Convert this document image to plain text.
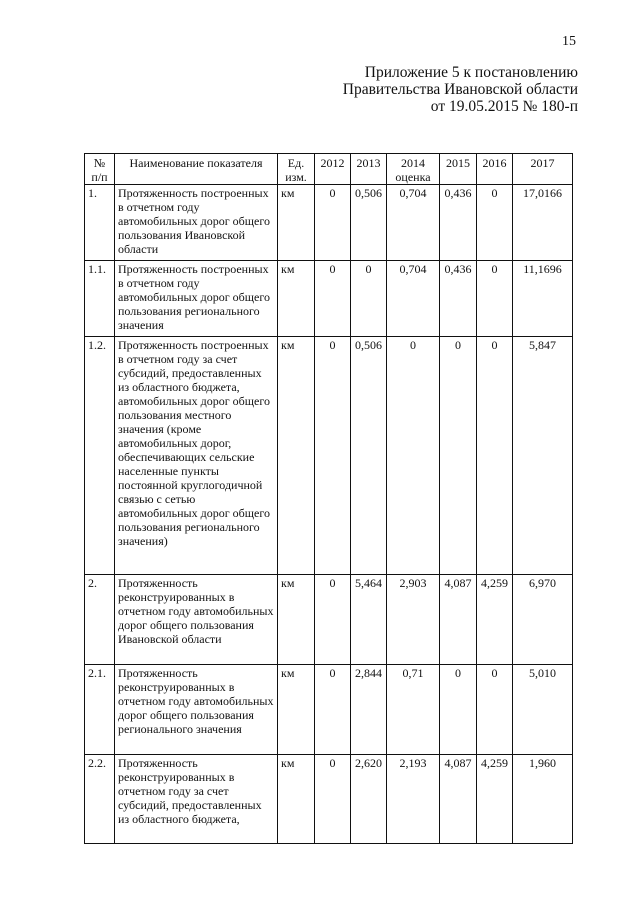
15
Приложение 5 к постановлению
Правительства Ивановской области
от 19.05.2015 № 180-п
№ п/п	Наименование показателя	Ед. изм.	2012	2013	2014 оценка	2015	2016	2017
1.	Протяженность построенных в отчетном году автомобильных дорог общего пользования Ивановской области	км	0	0,506	0,704	0,436	0	17,0166
1.1.	Протяженность построенных в отчетном году автомобильных дорог общего пользования регионального значения	км	0	0	0,704	0,436	0	11,1696
1.2.	Протяженность построенных в отчетном году за счет субсидий, предоставленных из областного бюджета, автомобильных дорог общего пользования местного значения (кроме автомобильных дорог, обеспечивающих сельские населенные пункты постоянной круглогодичной связью с сетью автомобильных дорог общего пользования регионального значения)	км	0	0,506	0	0	0	5,847
2.	Протяженность реконструированных в отчетном году автомобильных дорог общего пользования Ивановской области	км	0	5,464	2,903	4,087	4,259	6,970
2.1.	Протяженность реконструированных в отчетном году автомобильных дорог общего пользования регионального значения	км	0	2,844	0,71	0	0	5,010
2.2.	Протяженность реконструированных в отчетном году за счет субсидий, предоставленных из областного бюджета,	км	0	2,620	2,193	4,087	4,259	1,960
